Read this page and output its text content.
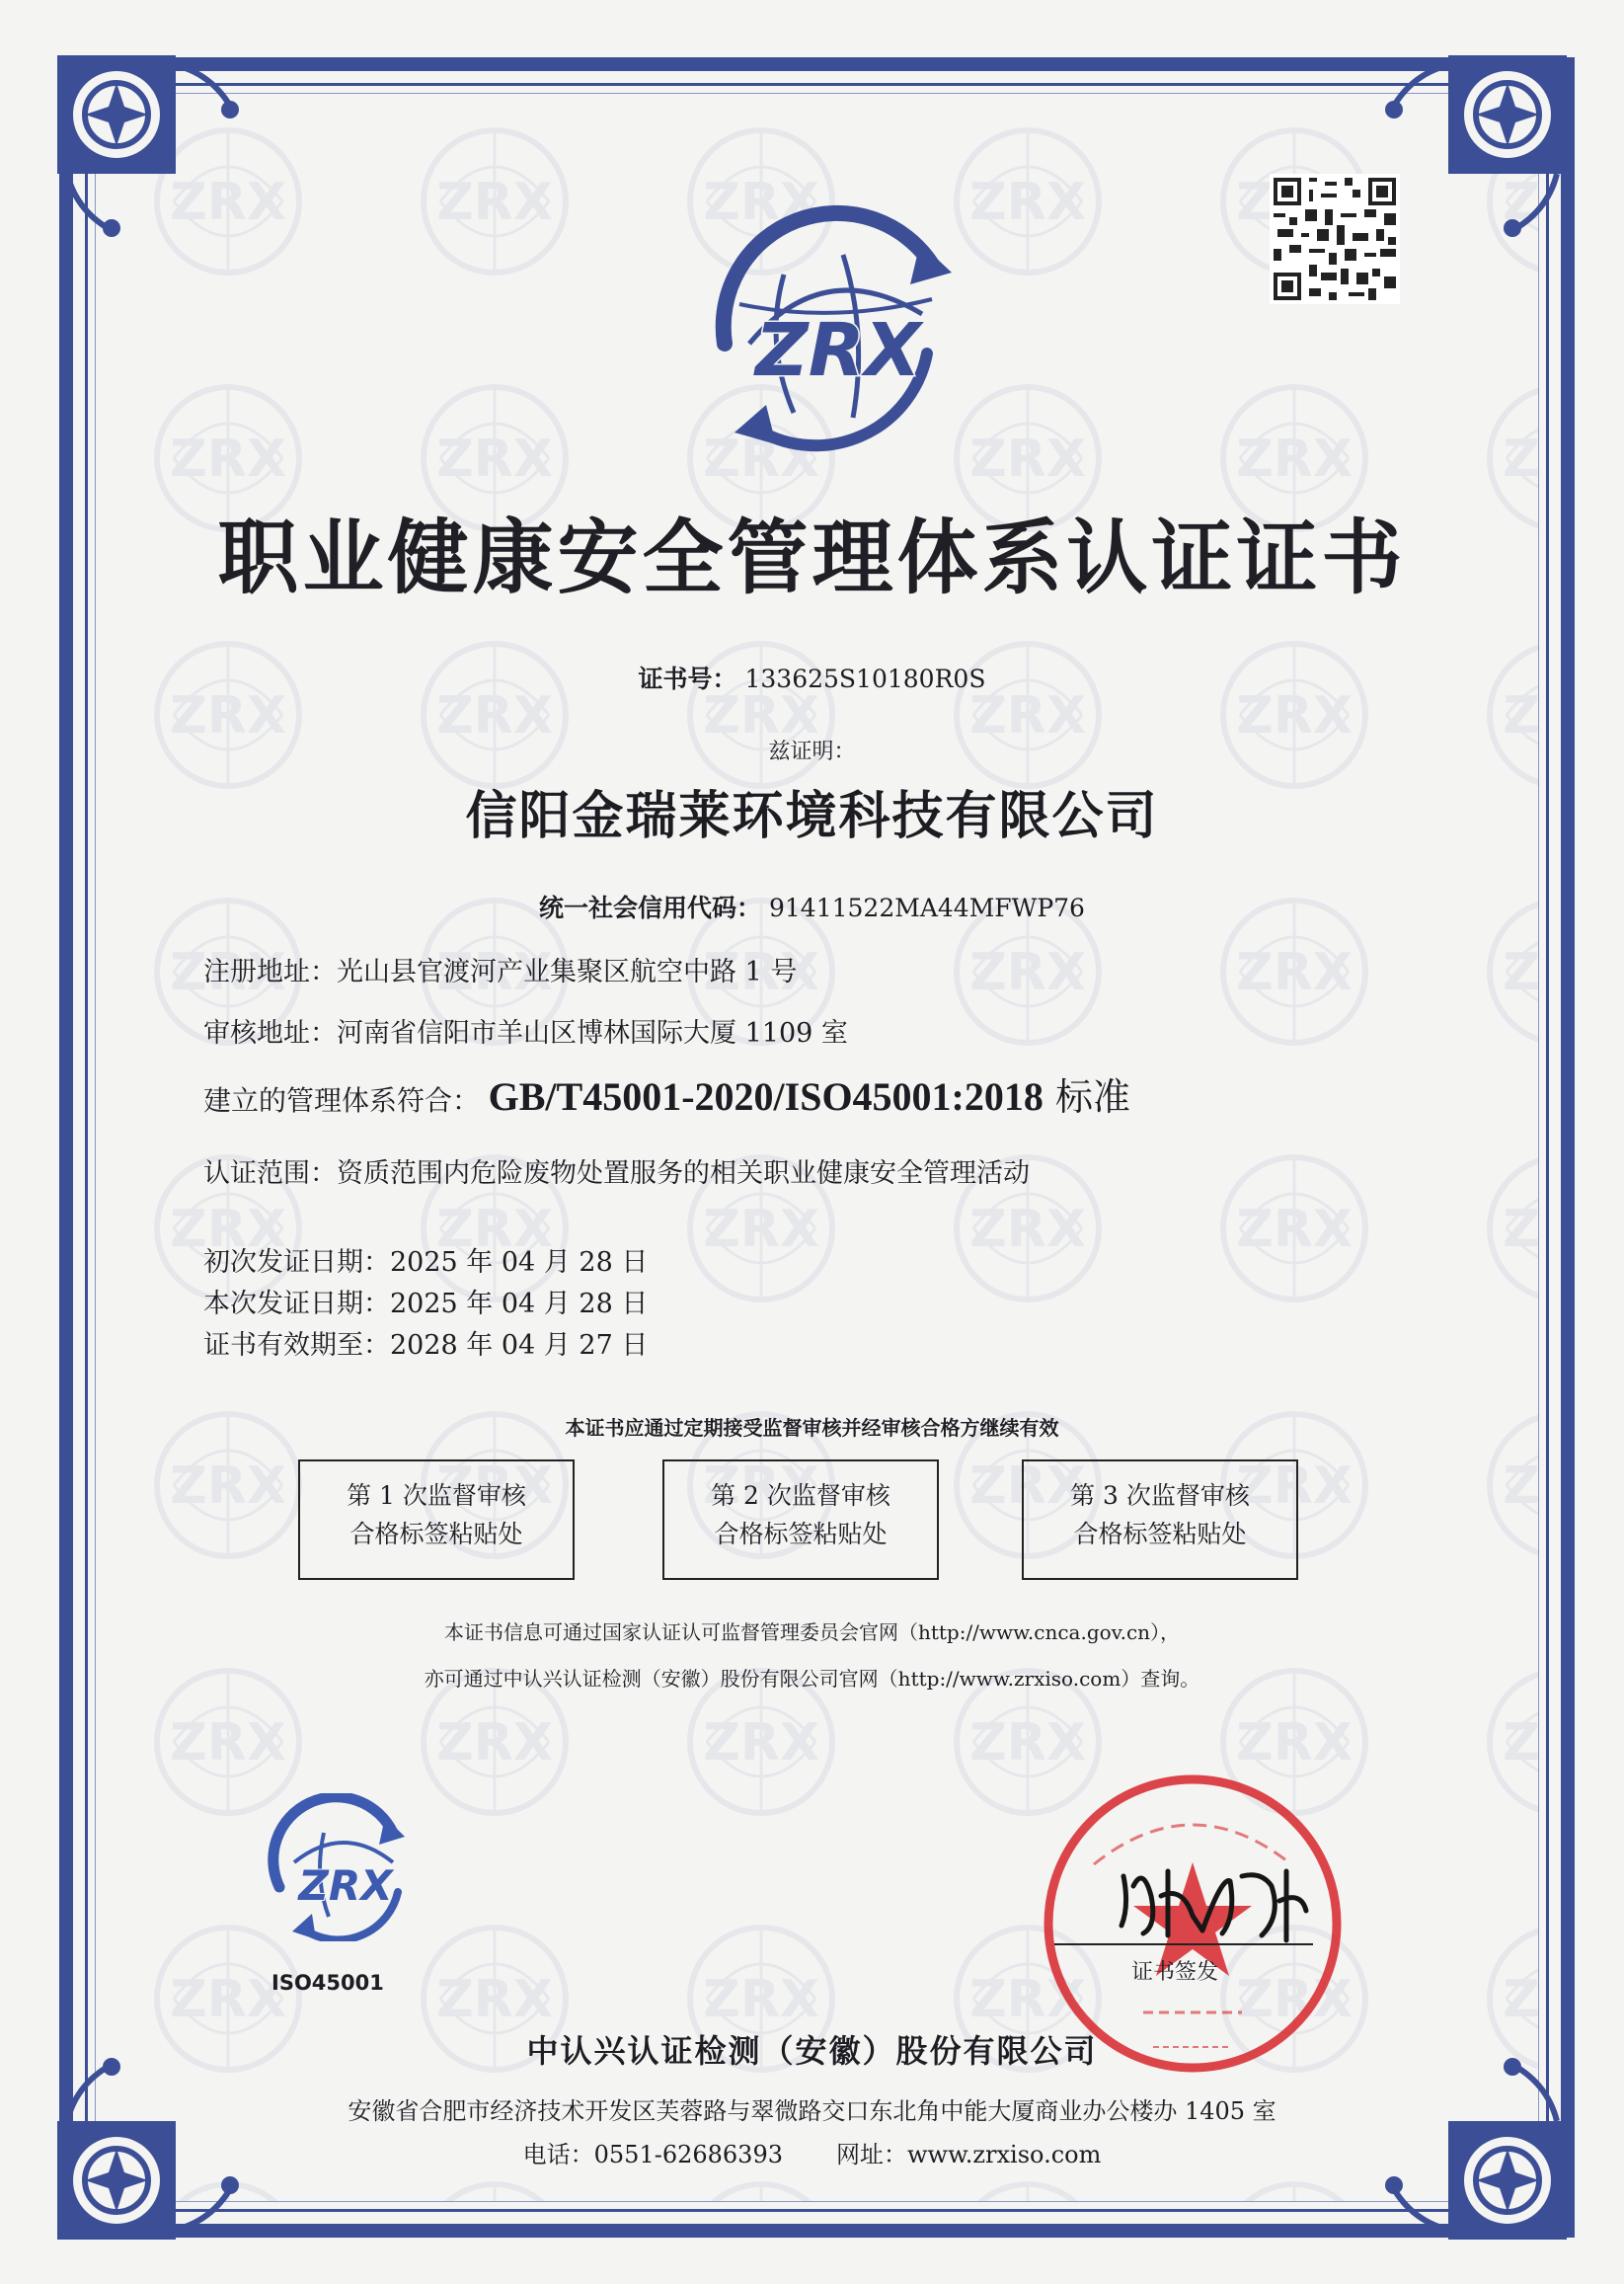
ZRX
职业健康安全管理体系认证证书
证书号： 133625S10180R0S
兹证明：
信阳金瑞莱环境科技有限公司
统一社会信用代码： 91411522MA44MFWP76
注册地址：光山县官渡河产业集聚区航空中路 1 号
审核地址：河南省信阳市羊山区博林国际大厦 1109 室
建立的管理体系符合： GB/T45001-2020/ISO45001:2018 标准
认证范围：资质范围内危险废物处置服务的相关职业健康安全管理活动
初次发证日期：2025 年 04 月 28 日
本次发证日期：2025 年 04 月 28 日
证书有效期至：2028 年 04 月 27 日
本证书应通过定期接受监督审核并经审核合格方继续有效
第 1 次监督审核
合格标签粘贴处
第 2 次监督审核
合格标签粘贴处
第 3 次监督审核
合格标签粘贴处
本证书信息可通过国家认证认可监督管理委员会官网（http://www.cnca.gov.cn），
亦可通过中认兴认证检测（安徽）股份有限公司官网（http://www.zrxiso.com）查询。
ZRX
ISO45001	证书签发
中认兴认证检测（安徽）股份有限公司
安徽省合肥市经济技术开发区芙蓉路与翠微路交口东北角中能大厦商业办公楼办 1405 室
电话：0551-62686393 网址：www.zrxiso.com
